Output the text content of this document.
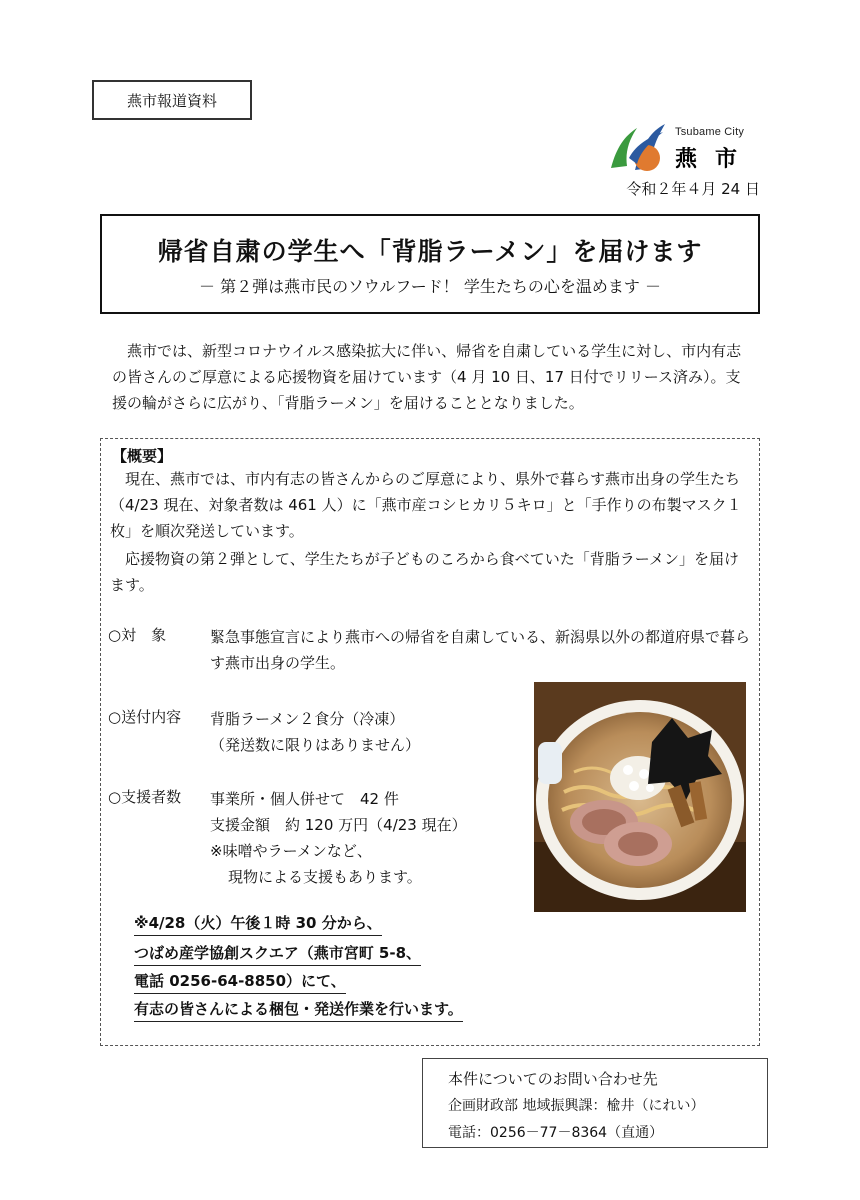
燕市報道資料
Tsubame City
燕市
令和２年４月 24 日
帰省自粛の学生へ「背脂ラーメン」を届けます
－ 第２弾は燕市民のソウルフード！ 学生たちの心を温めます －
燕市では、新型コロナウイルス感染拡大に伴い、帰省を自粛している学生に対し、市内有志の皆さんのご厚意による応援物資を届けています（4 月 10 日、17 日付でリリース済み）。支援の輪がさらに広がり、「背脂ラーメン」を届けることとなりました。
【概要】
現在、燕市では、市内有志の皆さんからのご厚意により、県外で暮らす燕市出身の学生たち（4/23 現在、対象者数は 461 人）に「燕市産コシヒカリ５キロ」と「手作りの布製マスク１枚」を順次発送しています。
応援物資の第２弾として、学生たちが子どものころから食べていた「背脂ラーメン」を届けます。
○対　象	緊急事態宣言により燕市への帰省を自粛している、新潟県以外の都道府県で暮らす燕市出身の学生。
○送付内容 背脂ラーメン２食分（冷凍）
（発送数に限りはありません）
○支援者数 事業所・個人併せて　42 件
支援金額　約 120 万円（4/23 現在）
※味噌やラーメンなど、
現物による支援もあります。
※4/28（火）午後１時 30 分から、
つばめ産学協創スクエア（燕市宮町 5-8、
電話 0256-64-8850）にて、
有志の皆さんによる梱包・発送作業を行います。
本件についてのお問い合わせ先
企画財政部 地域振興課：楡井（にれい）
電話：0256－77－8364（直通）
